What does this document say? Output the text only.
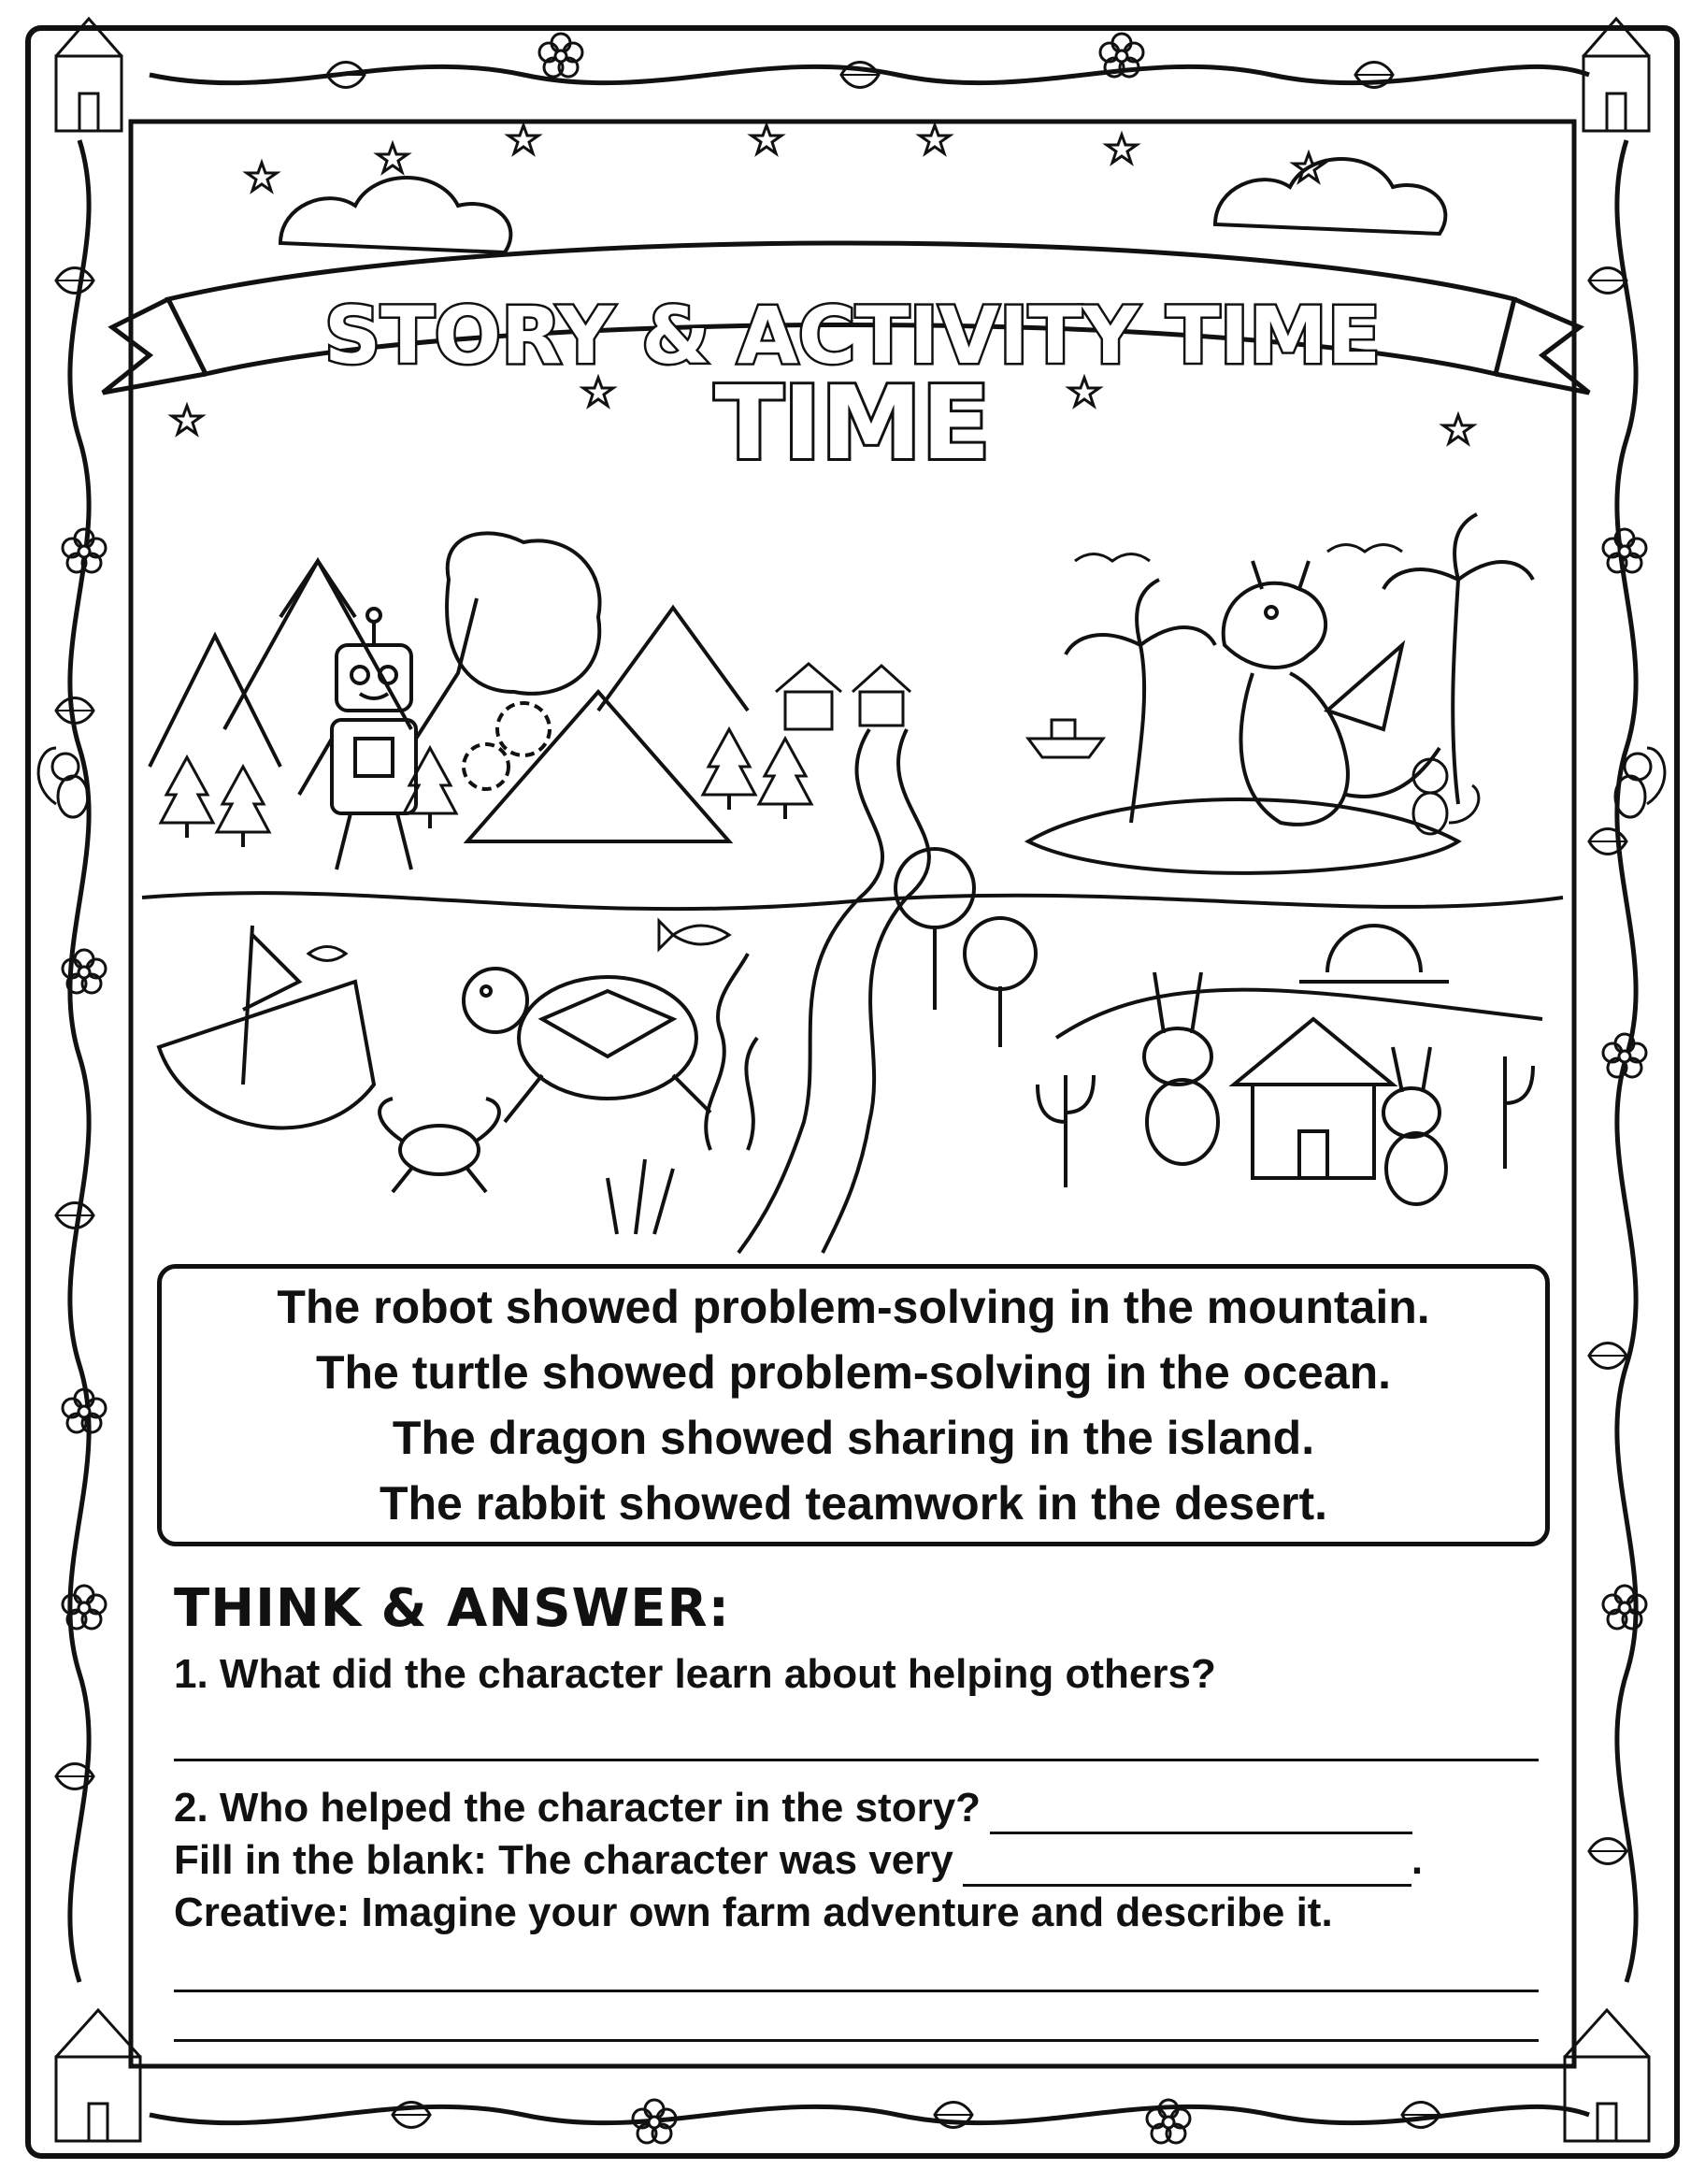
STORY & ACTIVITY TIME
TIME
The robot showed problem-solving in the mountain.
The turtle showed problem-solving in the ocean.
The dragon showed sharing in the island.
The rabbit showed teamwork in the desert.
THINK & ANSWER:
1. What did the character learn about helping others?
2. Who helped the character in the story?
Fill in the blank: The character was very	.
Creative: Imagine your own farm adventure and describe it.
